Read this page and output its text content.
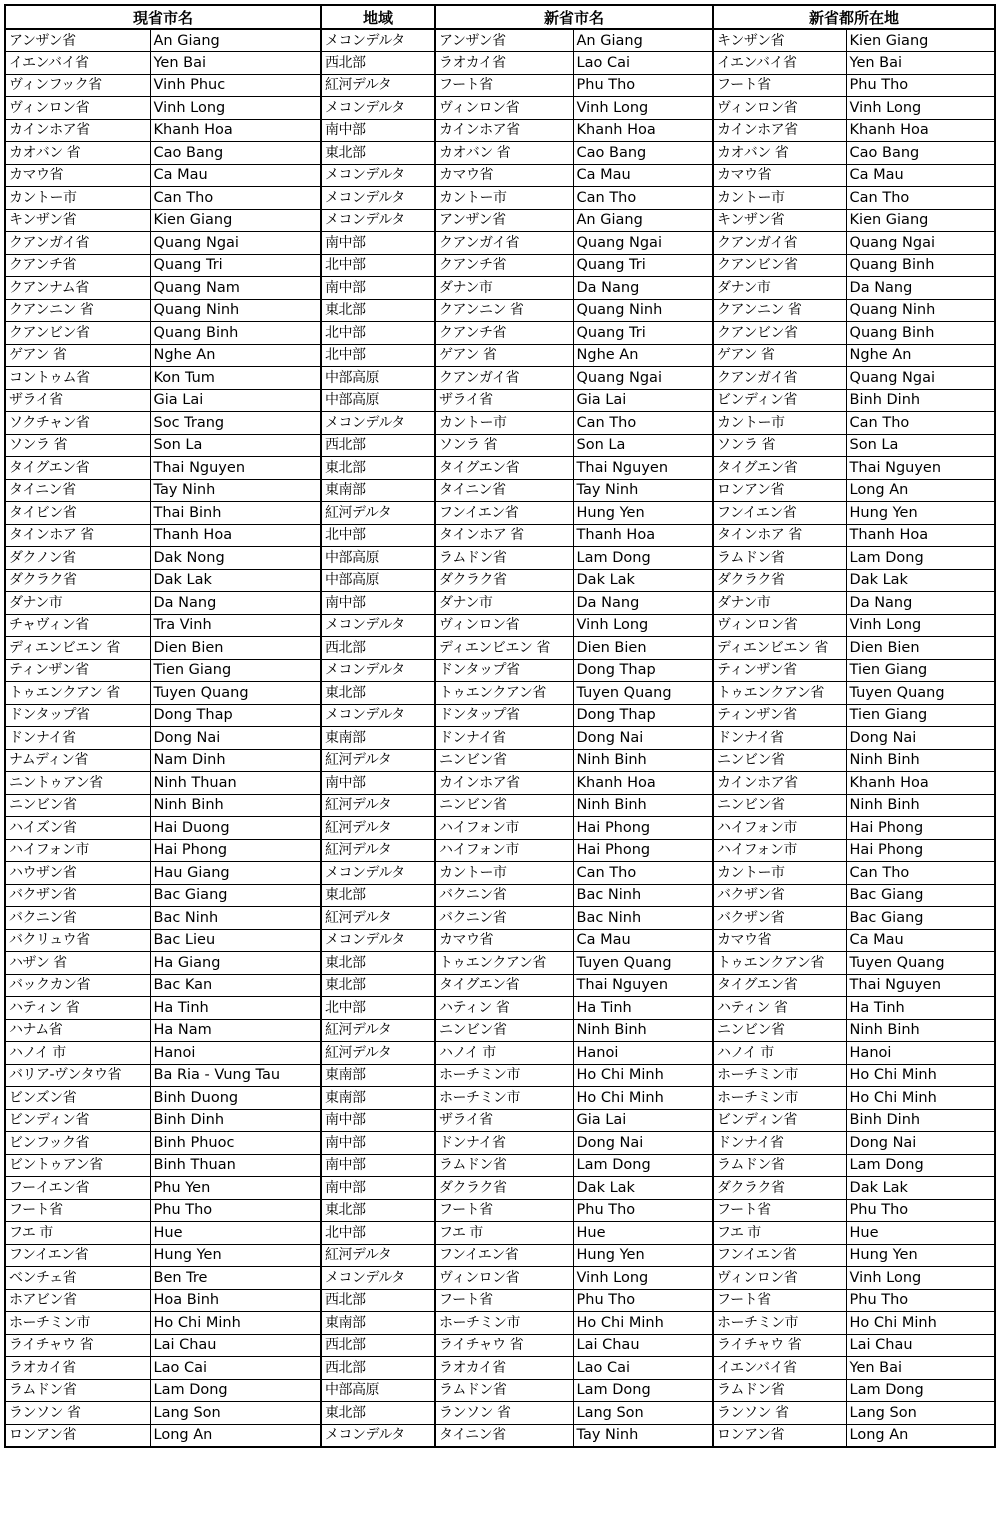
現省市名		地域	新省市名		新省都所在地	
アンザン省	An Giang	メコンデルタ	アンザン省	An Giang	キンザン省	Kien Giang
イエンバイ省	Yen Bai	西北部	ラオカイ省	Lao Cai	イエンバイ省	Yen Bai
ヴィンフック省	Vinh Phuc	紅河デルタ	フート省	Phu Tho	フート省	Phu Tho
ヴィンロン省	Vinh Long	メコンデルタ	ヴィンロン省	Vinh Long	ヴィンロン省	Vinh Long
カインホア省	Khanh Hoa	南中部	カインホア省	Khanh Hoa	カインホア省	Khanh Hoa
カオバン 省	Cao Bang	東北部	カオバン 省	Cao Bang	カオバン 省	Cao Bang
カマウ省	Ca Mau	メコンデルタ	カマウ省	Ca Mau	カマウ省	Ca Mau
カントー市	Can Tho	メコンデルタ	カントー市	Can Tho	カントー市	Can Tho
キンザン省	Kien Giang	メコンデルタ	アンザン省	An Giang	キンザン省	Kien Giang
クアンガイ省	Quang Ngai	南中部	クアンガイ省	Quang Ngai	クアンガイ省	Quang Ngai
クアンチ省	Quang Tri	北中部	クアンチ省	Quang Tri	クアンビン省	Quang Binh
クアンナム省	Quang Nam	南中部	ダナン市	Da Nang	ダナン市	Da Nang
クアンニン 省	Quang Ninh	東北部	クアンニン 省	Quang Ninh	クアンニン 省	Quang Ninh
クアンビン省	Quang Binh	北中部	クアンチ省	Quang Tri	クアンビン省	Quang Binh
ゲアン 省	Nghe An	北中部	ゲアン 省	Nghe An	ゲアン 省	Nghe An
コントゥム省	Kon Tum	中部高原	クアンガイ省	Quang Ngai	クアンガイ省	Quang Ngai
ザライ省	Gia Lai	中部高原	ザライ省	Gia Lai	ビンディン省	Binh Dinh
ソクチャン省	Soc Trang	メコンデルタ	カントー市	Can Tho	カントー市	Can Tho
ソンラ 省	Son La	西北部	ソンラ 省	Son La	ソンラ 省	Son La
タイグエン省	Thai Nguyen	東北部	タイグエン省	Thai Nguyen	タイグエン省	Thai Nguyen
タイニン省	Tay Ninh	東南部	タイニン省	Tay Ninh	ロンアン省	Long An
タイビン省	Thai Binh	紅河デルタ	フンイエン省	Hung Yen	フンイエン省	Hung Yen
タインホア 省	Thanh Hoa	北中部	タインホア 省	Thanh Hoa	タインホア 省	Thanh Hoa
ダクノン省	Dak Nong	中部高原	ラムドン省	Lam Dong	ラムドン省	Lam Dong
ダクラク省	Dak Lak	中部高原	ダクラク省	Dak Lak	ダクラク省	Dak Lak
ダナン市	Da Nang	南中部	ダナン市	Da Nang	ダナン市	Da Nang
チャヴィン省	Tra Vinh	メコンデルタ	ヴィンロン省	Vinh Long	ヴィンロン省	Vinh Long
ディエンビエン 省	Dien Bien	西北部	ディエンビエン 省	Dien Bien	ディエンビエン 省	Dien Bien
ティンザン省	Tien Giang	メコンデルタ	ドンタップ省	Dong Thap	ティンザン省	Tien Giang
トゥエンクアン 省	Tuyen Quang	東北部	トゥエンクアン省	Tuyen Quang	トゥエンクアン省	Tuyen Quang
ドンタップ省	Dong Thap	メコンデルタ	ドンタップ省	Dong Thap	ティンザン省	Tien Giang
ドンナイ省	Dong Nai	東南部	ドンナイ省	Dong Nai	ドンナイ省	Dong Nai
ナムディン省	Nam Dinh	紅河デルタ	ニンビン省	Ninh Binh	ニンビン省	Ninh Binh
ニントゥアン省	Ninh Thuan	南中部	カインホア省	Khanh Hoa	カインホア省	Khanh Hoa
ニンビン省	Ninh Binh	紅河デルタ	ニンビン省	Ninh Binh	ニンビン省	Ninh Binh
ハイズン省	Hai Duong	紅河デルタ	ハイフォン市	Hai Phong	ハイフォン市	Hai Phong
ハイフォン市	Hai Phong	紅河デルタ	ハイフォン市	Hai Phong	ハイフォン市	Hai Phong
ハウザン省	Hau Giang	メコンデルタ	カントー市	Can Tho	カントー市	Can Tho
バクザン省	Bac Giang	東北部	バクニン省	Bac Ninh	バクザン省	Bac Giang
バクニン省	Bac Ninh	紅河デルタ	バクニン省	Bac Ninh	バクザン省	Bac Giang
バクリュウ省	Bac Lieu	メコンデルタ	カマウ省	Ca Mau	カマウ省	Ca Mau
ハザン 省	Ha Giang	東北部	トゥエンクアン省	Tuyen Quang	トゥエンクアン省	Tuyen Quang
バックカン省	Bac Kan	東北部	タイグエン省	Thai Nguyen	タイグエン省	Thai Nguyen
ハティン 省	Ha Tinh	北中部	ハティン 省	Ha Tinh	ハティン 省	Ha Tinh
ハナム省	Ha Nam	紅河デルタ	ニンビン省	Ninh Binh	ニンビン省	Ninh Binh
ハノイ 市	Hanoi	紅河デルタ	ハノイ 市	Hanoi	ハノイ 市	Hanoi
バリア-ヴンタウ省	Ba Ria - Vung Tau	東南部	ホーチミン市	Ho Chi Minh	ホーチミン市	Ho Chi Minh
ビンズン省	Binh Duong	東南部	ホーチミン市	Ho Chi Minh	ホーチミン市	Ho Chi Minh
ビンディン省	Binh Dinh	南中部	ザライ省	Gia Lai	ビンディン省	Binh Dinh
ビンフック省	Binh Phuoc	南中部	ドンナイ省	Dong Nai	ドンナイ省	Dong Nai
ビントゥアン省	Binh Thuan	南中部	ラムドン省	Lam Dong	ラムドン省	Lam Dong
フーイエン省	Phu Yen	南中部	ダクラク省	Dak Lak	ダクラク省	Dak Lak
フート省	Phu Tho	東北部	フート省	Phu Tho	フート省	Phu Tho
フエ 市	Hue	北中部	フエ 市	Hue	フエ 市	Hue
フンイエン省	Hung Yen	紅河デルタ	フンイエン省	Hung Yen	フンイエン省	Hung Yen
ベンチェ省	Ben Tre	メコンデルタ	ヴィンロン省	Vinh Long	ヴィンロン省	Vinh Long
ホアビン省	Hoa Binh	西北部	フート省	Phu Tho	フート省	Phu Tho
ホーチミン市	Ho Chi Minh	東南部	ホーチミン市	Ho Chi Minh	ホーチミン市	Ho Chi Minh
ライチャウ 省	Lai Chau	西北部	ライチャウ 省	Lai Chau	ライチャウ 省	Lai Chau
ラオカイ省	Lao Cai	西北部	ラオカイ省	Lao Cai	イエンバイ省	Yen Bai
ラムドン省	Lam Dong	中部高原	ラムドン省	Lam Dong	ラムドン省	Lam Dong
ランソン 省	Lang Son	東北部	ランソン 省	Lang Son	ランソン 省	Lang Son
ロンアン省	Long An	メコンデルタ	タイニン省	Tay Ninh	ロンアン省	Long An
